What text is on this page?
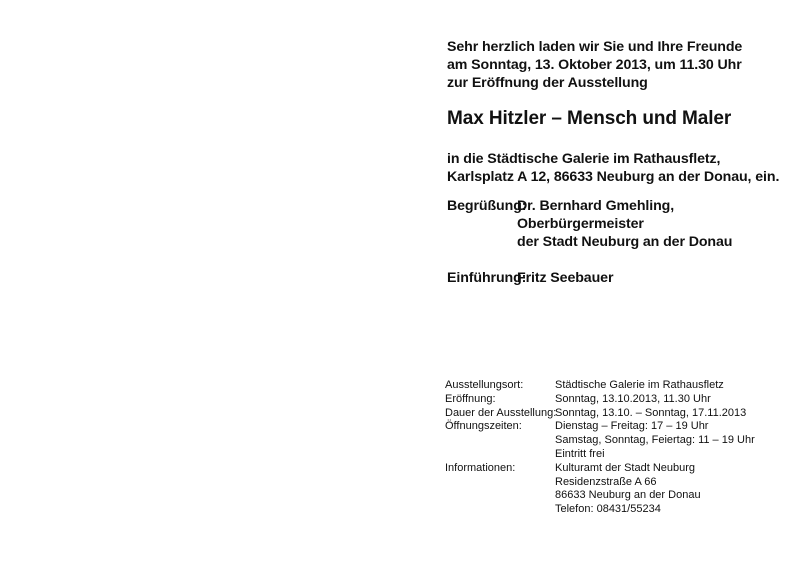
Sehr herzlich laden wir Sie und Ihre Freunde
am Sonntag, 13. Oktober 2013, um 11.30 Uhr
zur Eröffnung der Ausstellung
Max Hitzler – Mensch und Maler
in die Städtische Galerie im Rathausfletz,
Karlsplatz A 12, 86633 Neuburg an der Donau, ein.
Begrüßung:
Dr. Bernhard Gmehling,
Oberbürgermeister
der Stadt Neuburg an der Donau
Einführung:
Fritz Seebauer
Ausstellungsort:	Städtische Galerie im Rathausfletz
Eröffnung:	Sonntag, 13.10.2013, 11.30 Uhr
Dauer der Ausstellung:
Sonntag, 13.10. – Sonntag, 17.11.2013
Öffnungszeiten:	Dienstag – Freitag: 17 – 19 Uhr
Samstag, Sonntag, Feiertag: 11 – 19 Uhr
Eintritt frei
Informationen:	Kulturamt der Stadt Neuburg
Residenzstraße A 66
86633 Neuburg an der Donau
Telefon: 08431/55234
